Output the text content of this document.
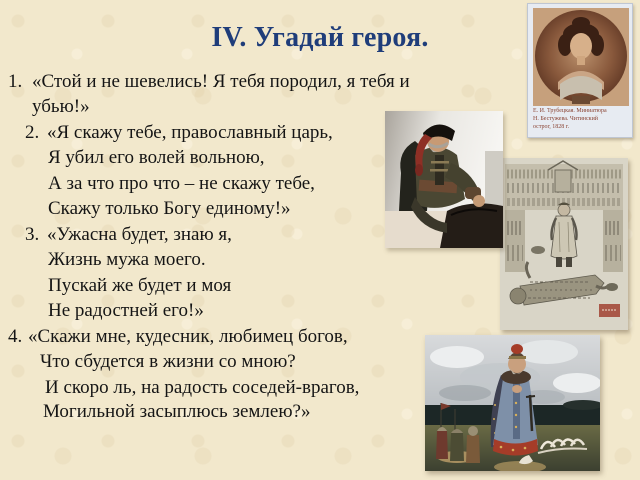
IV. Угадай героя.
1. «Стой и не шевелись! Я тебя породил, я тебя и
убью!»
2. «Я скажу тебе, православный царь,
Я убил его волей вольною,
А за что про что – не скажу тебе,
Скажу только Богу единому!»
3. «Ужасна будет, знаю я,
Жизнь мужа моего.
Пускай же будет и моя
Не радостней его!»
4. «Скажи мне, кудесник, любимец богов,
Что сбудется в жизни со мною?
И скоро ль, на радость соседей-врагов,
Могильной засыплюсь землею?»
Е. И. Трубецкая. Миниатюра
Н. Бестужева. Читинский
острог, 1828 г.
